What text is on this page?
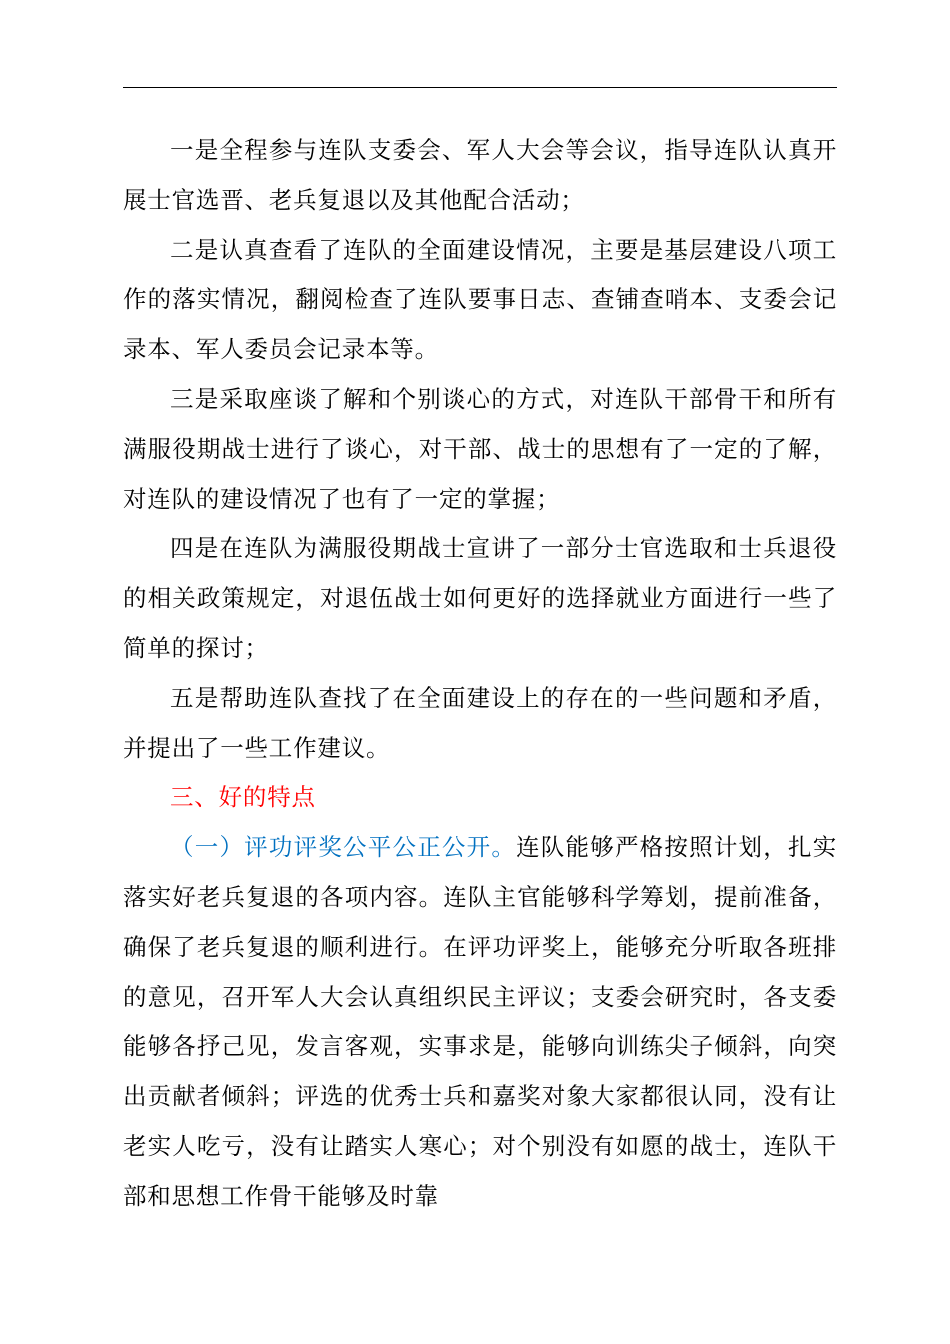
一是全程参与连队支委会、军人大会等会议，指导连队认真开展士官选晋、老兵复退以及其他配合活动；

二是认真查看了连队的全面建设情况，主要是基层建设八项工作的落实情况，翻阅检查了连队要事日志、查铺查哨本、支委会记录本、军人委员会记录本等。

三是采取座谈了解和个别谈心的方式，对连队干部骨干和所有满服役期战士进行了谈心，对干部、战士的思想有了一定的了解，对连队的建设情况了也有了一定的掌握；

四是在连队为满服役期战士宣讲了一部分士官选取和士兵退役的相关政策规定，对退伍战士如何更好的选择就业方面进行一些了简单的探讨；

五是帮助连队查找了在全面建设上的存在的一些问题和矛盾，并提出了一些工作建议。

三、好的特点

（一）评功评奖公平公正公开。连队能够严格按照计划，扎实落实好老兵复退的各项内容。连队主官能够科学筹划，提前准备，确保了老兵复退的顺利进行。在评功评奖上，能够充分听取各班排的意见，召开军人大会认真组织民主评议；支委会研究时，各支委能够各抒己见，发言客观，实事求是，能够向训练尖子倾斜，向突出贡献者倾斜；评选的优秀士兵和嘉奖对象大家都很认同，没有让老实人吃亏，没有让踏实人寒心；对个别没有如愿的战士，连队干部和思想工作骨干能够及时靠
